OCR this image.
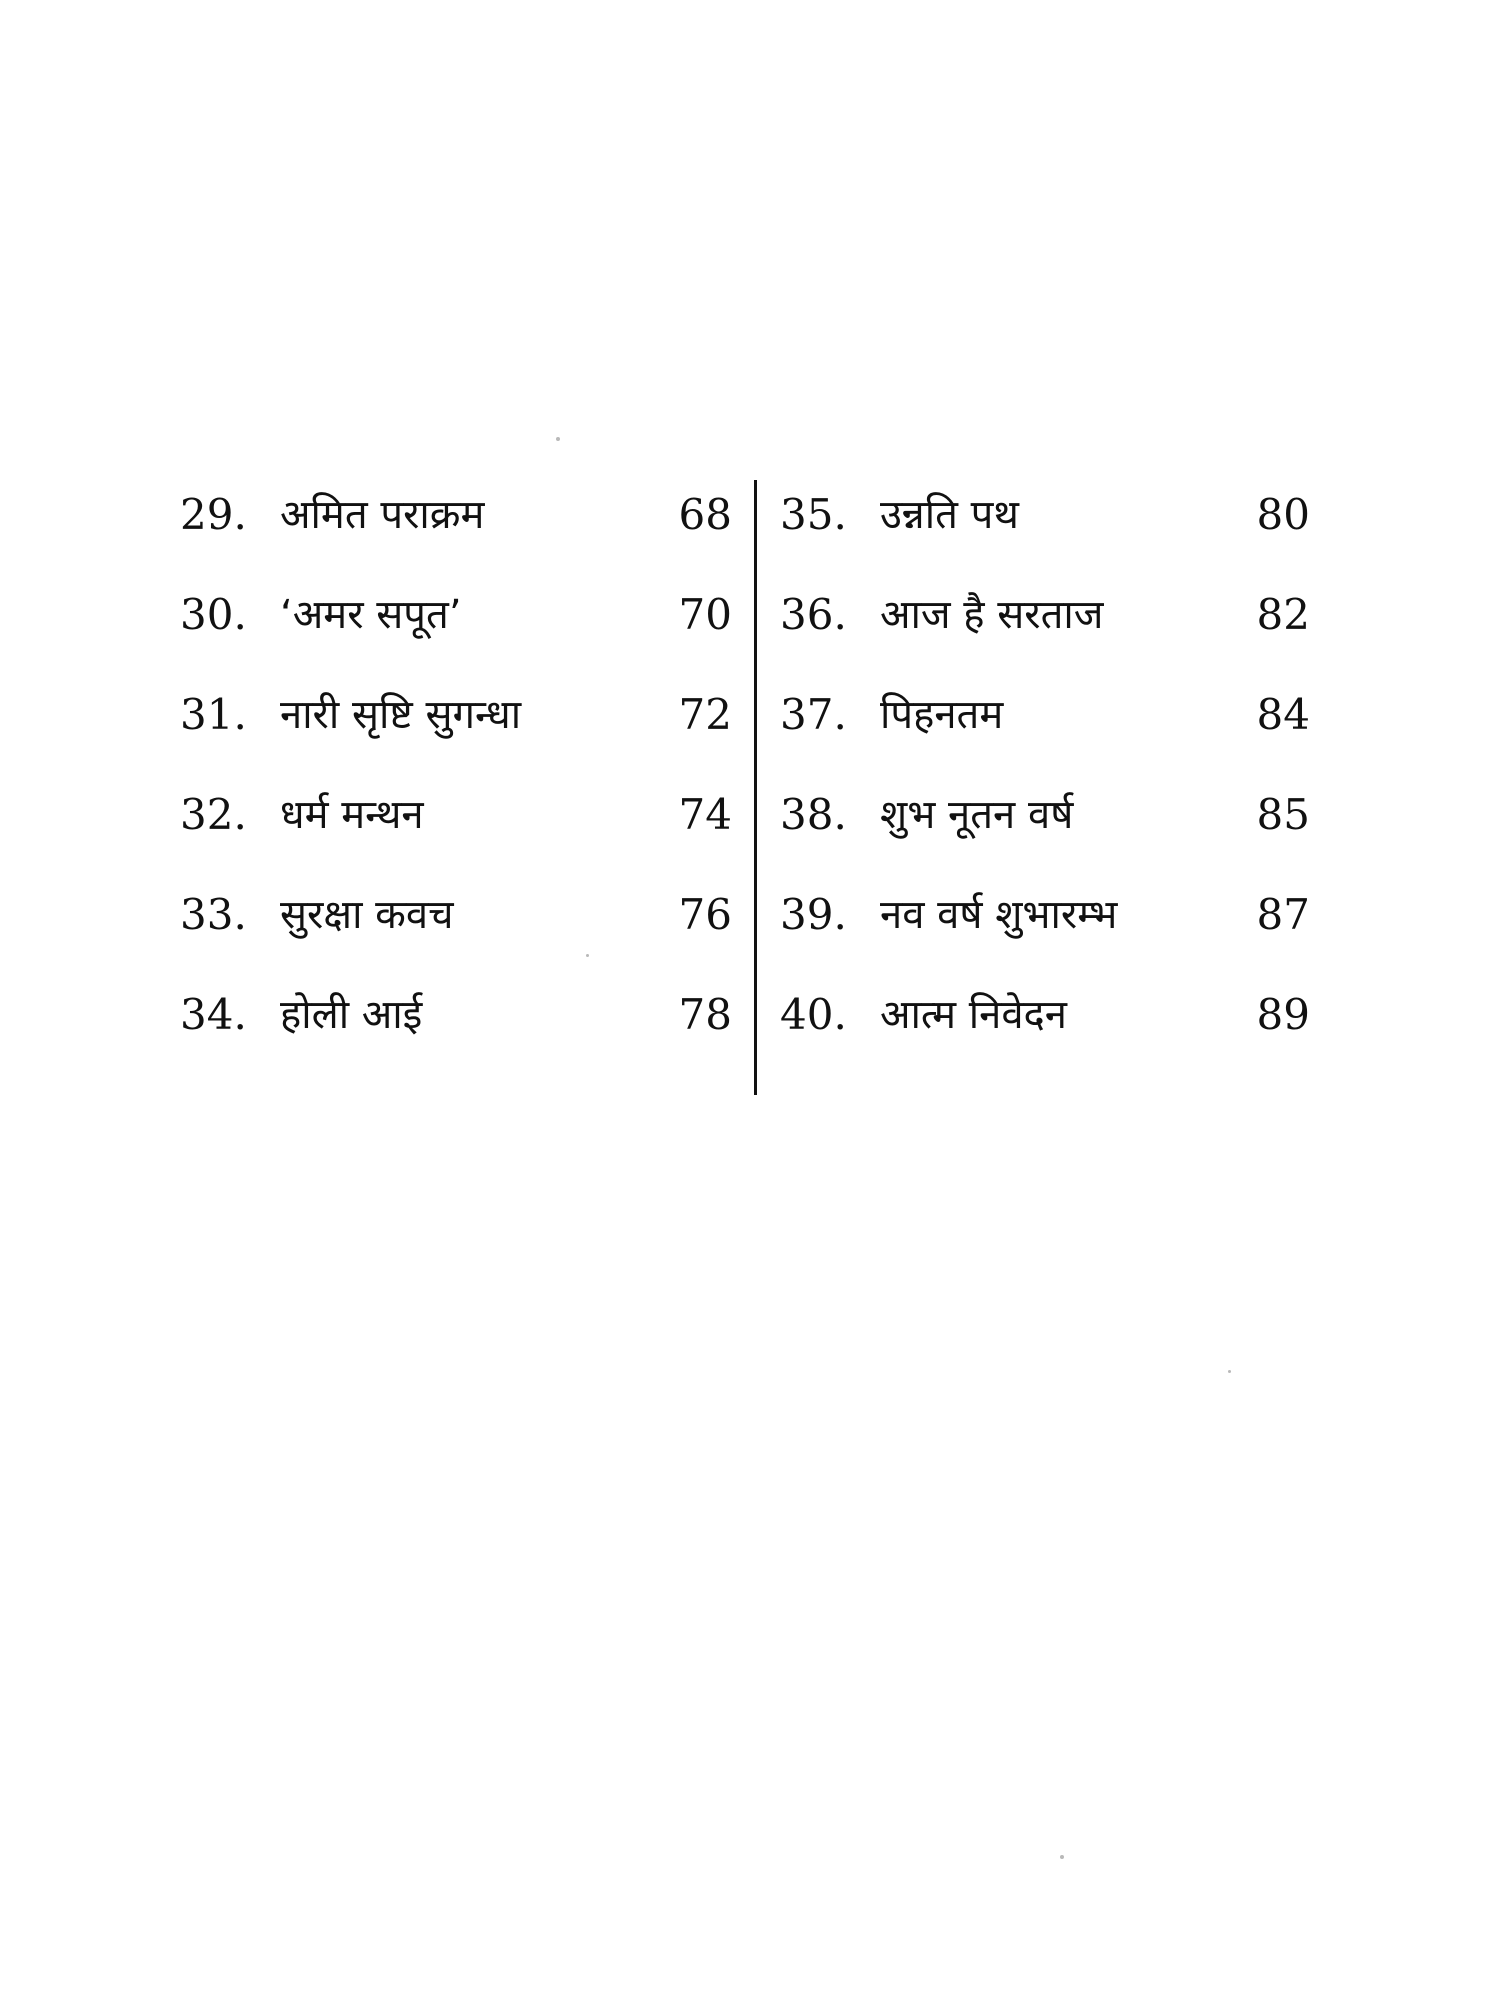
29. अमित पराक्रम	68
30. ‘अमर सपूत’	70
31. नारी सृष्टि सुगन्धा	72
32. धर्म मन्थन	74
33. सुरक्षा कवच	76
34. होली आई	78
35. उन्नति पथ	80
36. आज है सरताज	82
37. पिहनतम	84
38. शुभ नूतन वर्ष	85
39. नव वर्ष शुभारम्भ	87
40. आत्म निवेदन	89
